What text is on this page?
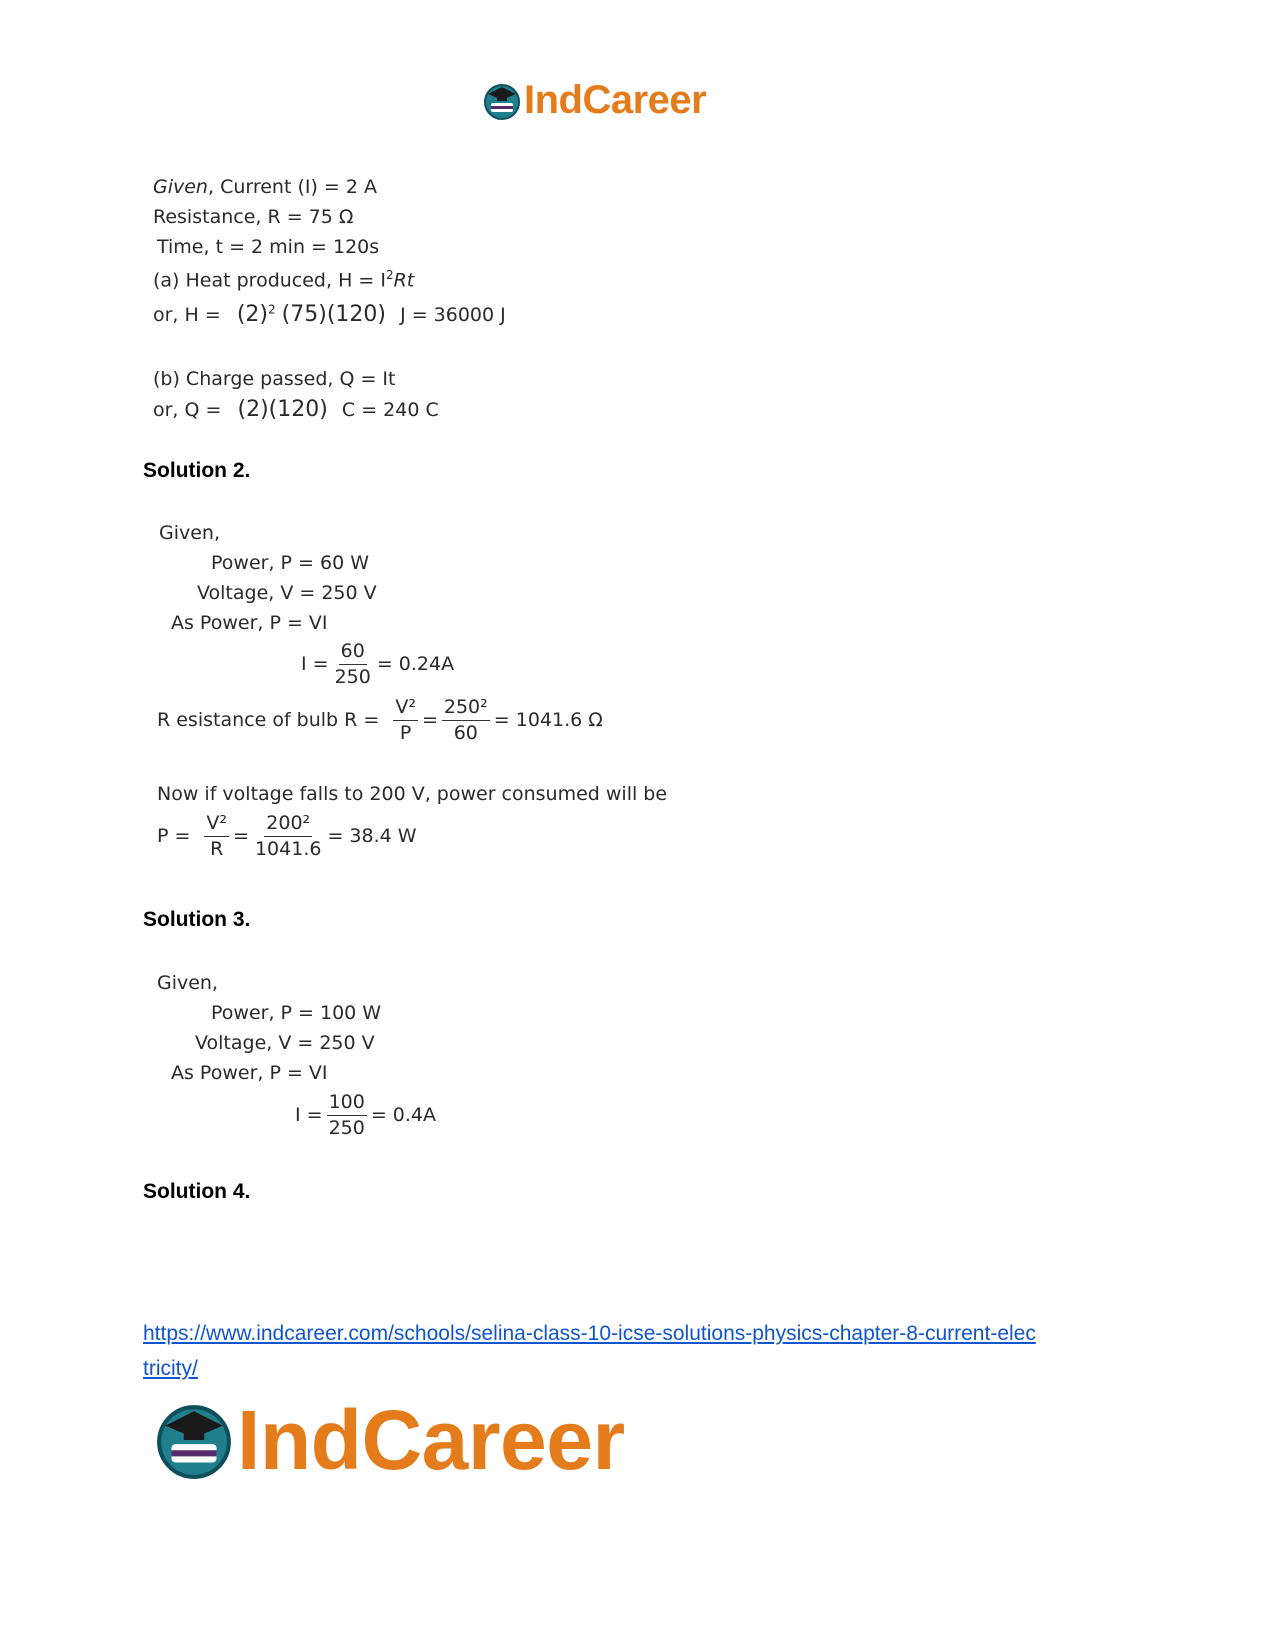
IndCareer
Given, Current (I) = 2 A
Resistance, R = 75 Ω
Time, t = 2 min = 120s
(a) Heat produced, $H = I^2Rt$
or, $H = (2)^2$ (75)(120) J = 36000 J
(b) Charge passed, Q = It
or, Q = (2)(120) C = 240 C
Solution 2.
Given,
Power, P = 60 W
Voltage, V = 250 V
As Power, P = VI
$I = \frac{60}{250} = 0.24A$
R esistance of bulb $R = \frac{\text{V²}}{P} = \frac{\text{250²}}{60} = 1041.6$ Ω
Now if voltage falls to 200 V, power consumed will be
$P = \frac{\text{V²}}{R} = \frac{\text{200²}}{1041.6} = 38.4$ W
Solution 3.
Given,
Power, P = 100 W
Voltage, V = 250 V
As Power, P = VI
$I = \frac{100}{250} = 0.4A$
Solution 4.
https://www.indcareer.com/schools/selina-class-10-icse-solutions-physics-chapter-8-current-elec
tricity/
IndCareer
